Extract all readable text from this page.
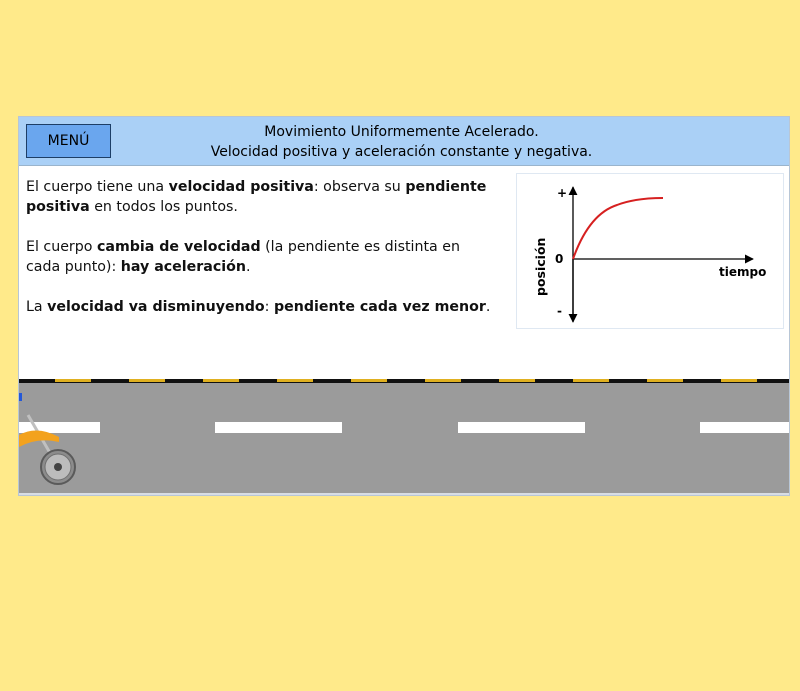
MENÚ
Movimiento Uniformemente Acelerado.
Velocidad positiva y aceleración constante y negativa.

El cuerpo tiene una velocidad positiva: observa su pendiente positiva en todos los puntos.

El cuerpo cambia de velocidad (la pendiente es distinta en cada punto): hay aceleración.

La velocidad va disminuyendo: pendiente cada vez menor.

+
0
-
posición	tiempo
